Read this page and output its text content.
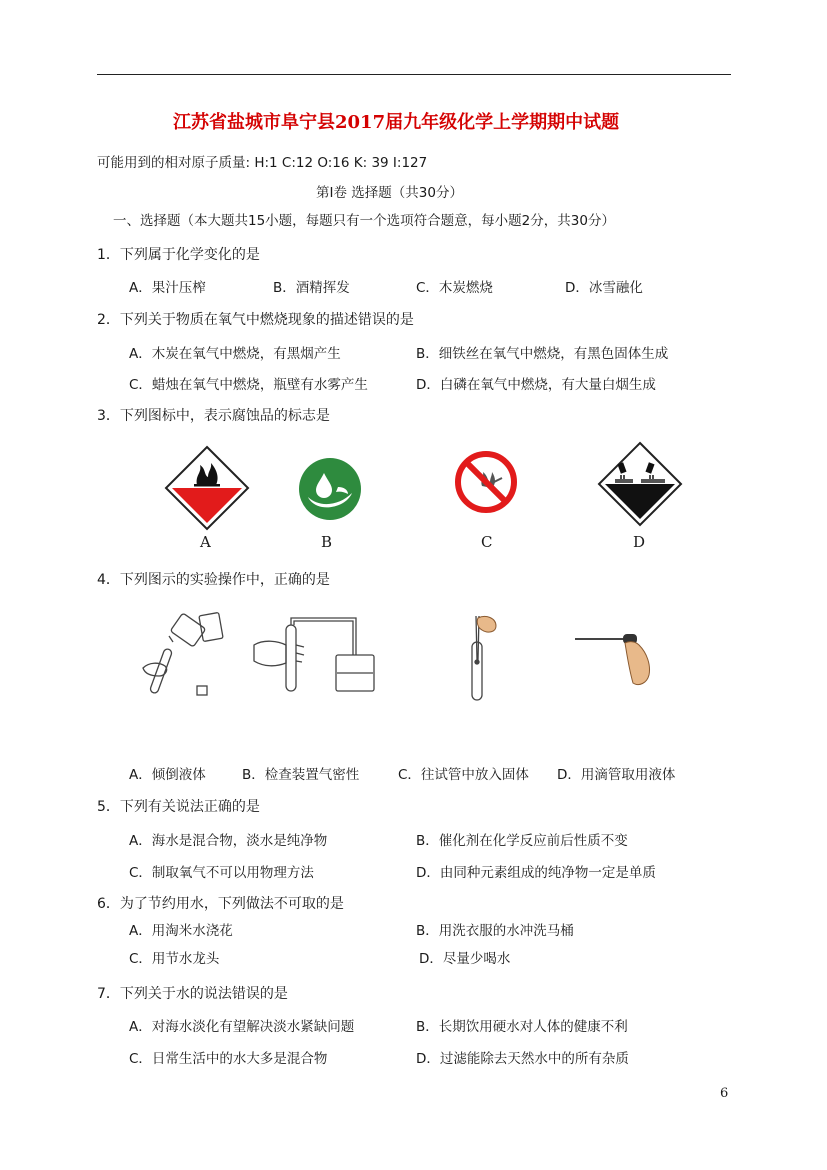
江苏省盐城市阜宁县2017届九年级化学上学期期中试题
可能用到的相对原子质量: H:1 C:12 O:16 K: 39 I:127
第Ⅰ卷 选择题（共30分）
一、选择题（本大题共15小题，每题只有一个选项符合题意，每小题2分，共30分）
1．下列属于化学变化的是
A．果汁压榨	B．酒精挥发	C．木炭燃烧	D．冰雪融化
2．下列关于物质在氧气中燃烧现象的描述错误的是
A．木炭在氧气中燃烧，有黑烟产生	B．细铁丝在氧气中燃烧，有黑色固体生成
C．蜡烛在氧气中燃烧，瓶壁有水雾产生	D．白磷在氧气中燃烧，有大量白烟生成
3．下列图标中，表示腐蚀品的标志是
A	B	C	D
4．下列图示的实验操作中，正确的是
A．倾倒液体	B．检查装置气密性	C．往试管中放入固体 D．用滴管取用液体
5．下列有关说法正确的是
A．海水是混合物，淡水是纯净物	B．催化剂在化学反应前后性质不变
C．制取氧气不可以用物理方法	D．由同种元素组成的纯净物一定是单质
6．为了节约用水，下列做法不可取的是
A．用淘米水浇花	B．用洗衣服的水冲洗马桶
C．用节水龙头	D．尽量少喝水
7．下列关于水的说法错误的是
A．对海水淡化有望解决淡水紧缺问题	B．长期饮用硬水对人体的健康不利
C．日常生活中的水大多是混合物	D．过滤能除去天然水中的所有杂质
6
